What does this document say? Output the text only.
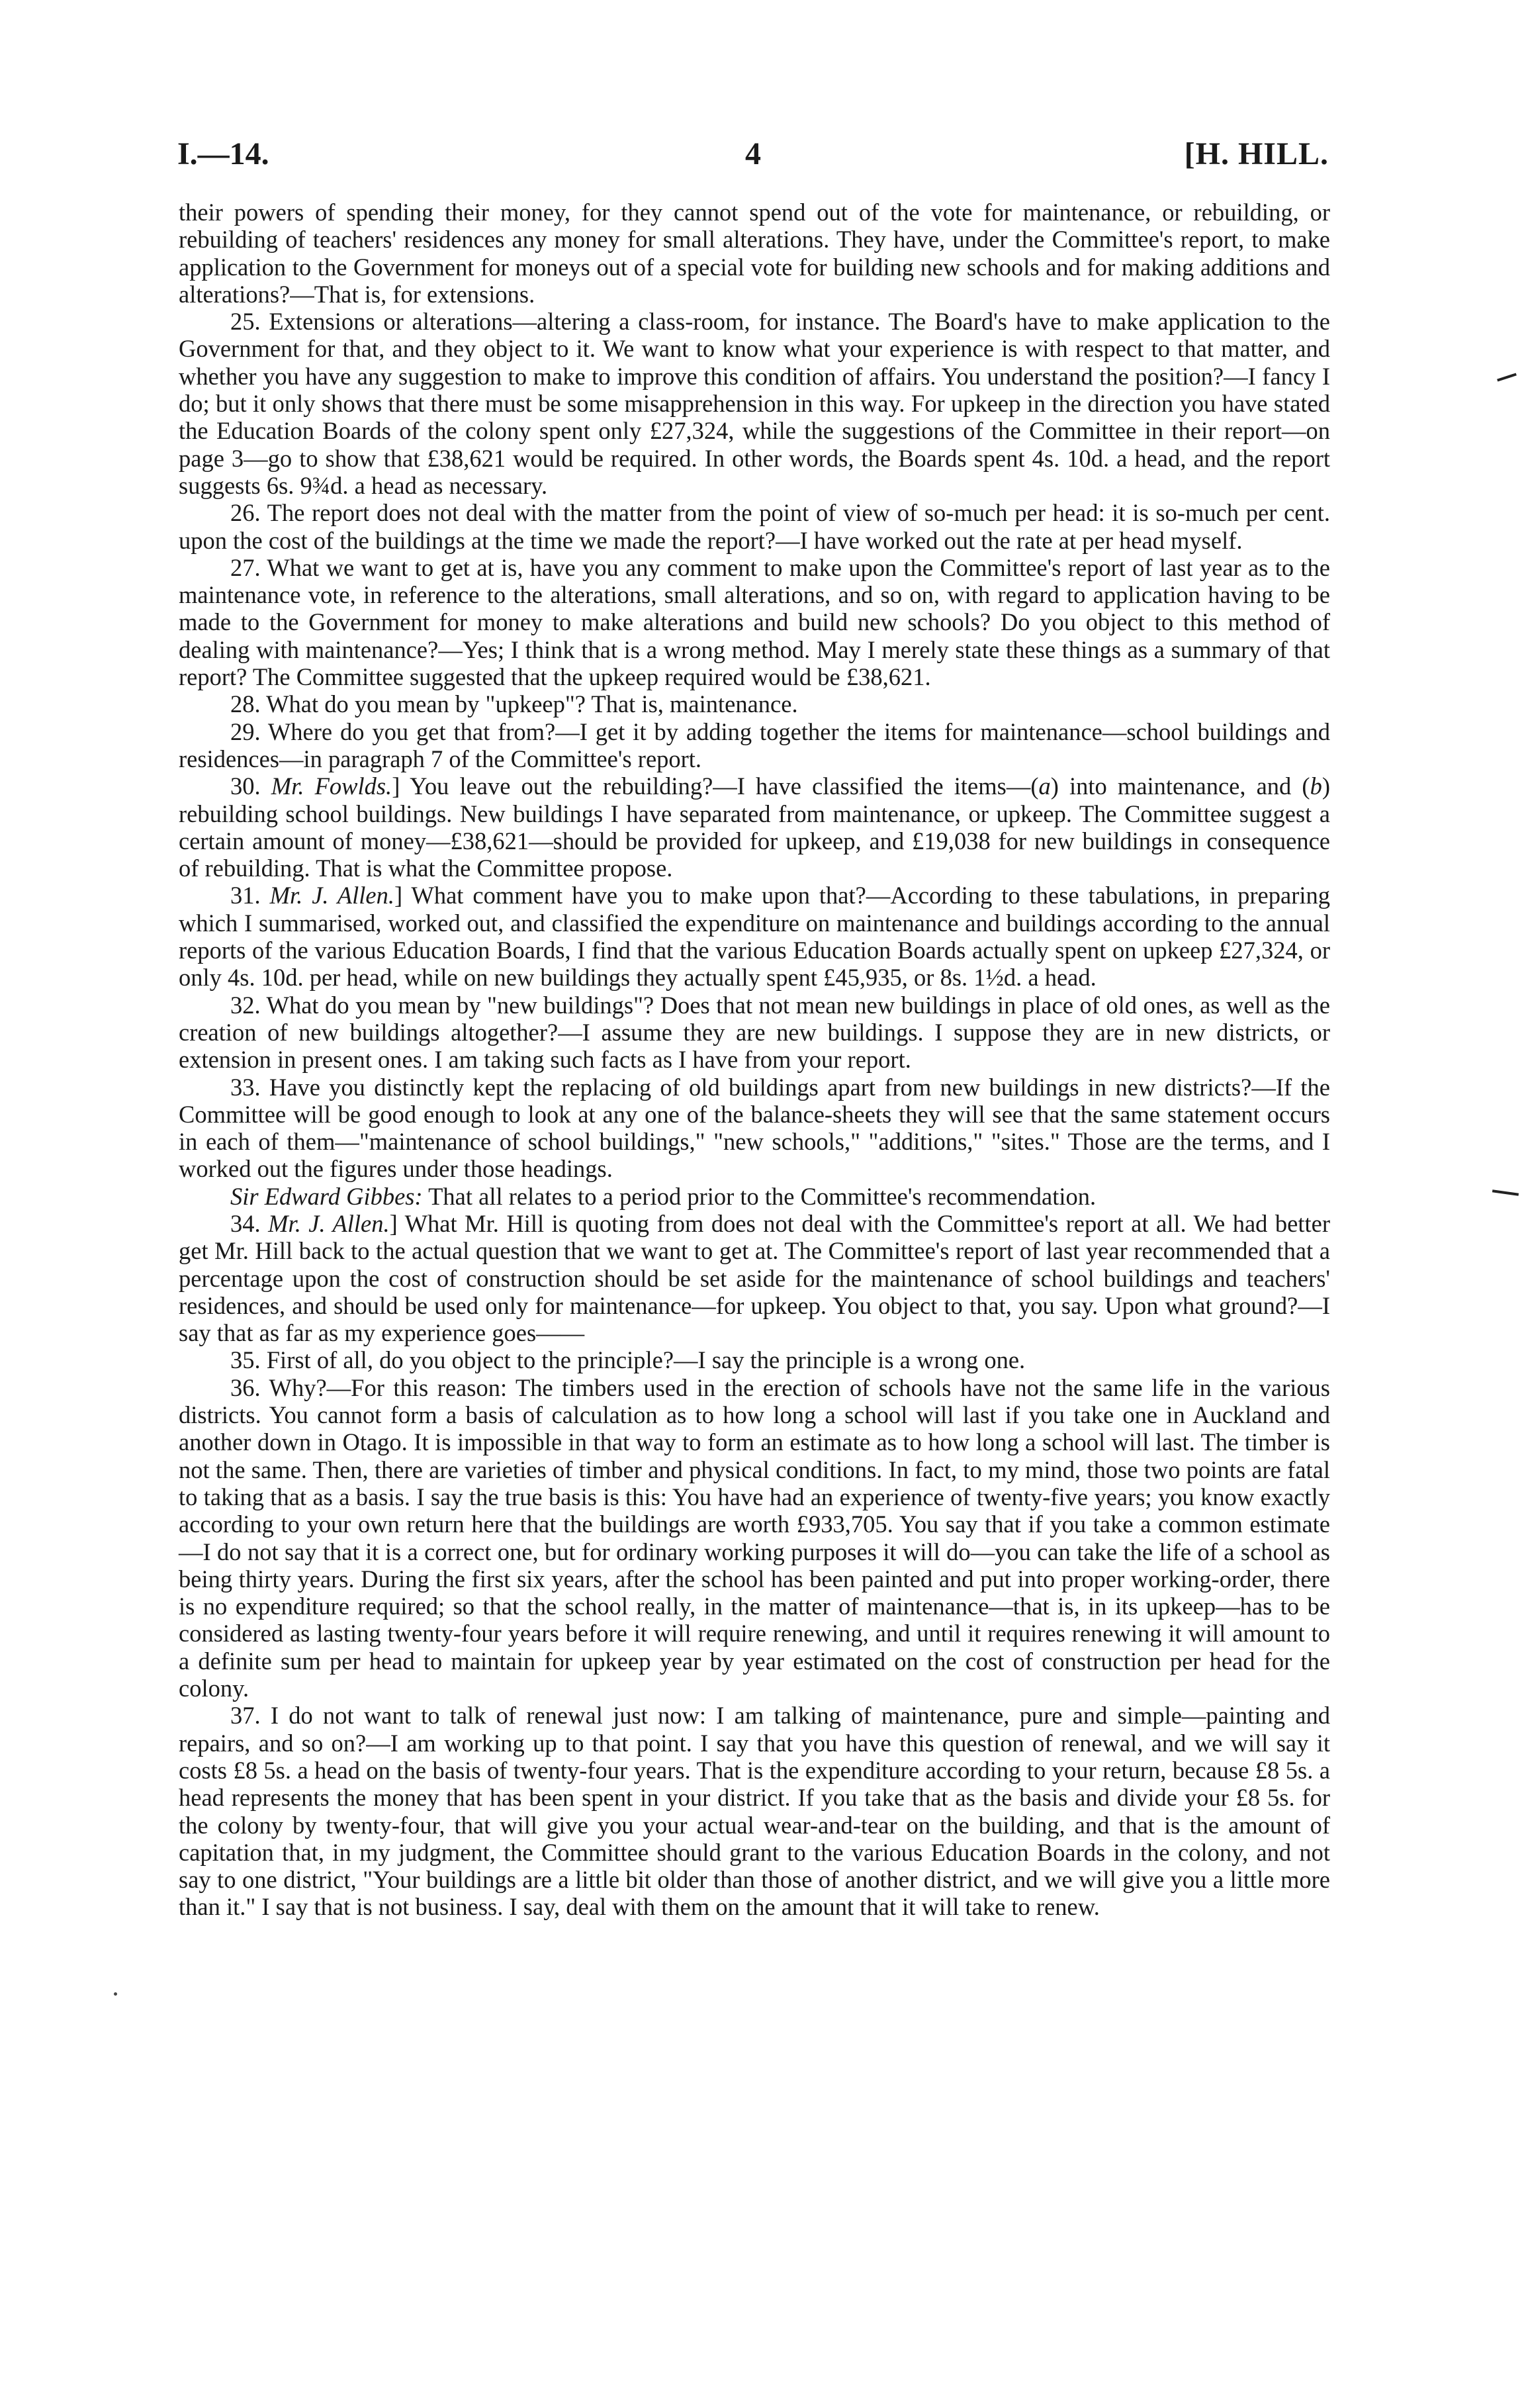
I.—14.	4	[H. HILL.

their powers of spending their money, for they cannot spend out of the vote for maintenance, or rebuilding, or rebuilding of teachers' residences any money for small alterations. They have, under the Committee's report, to make application to the Government for moneys out of a special vote for building new schools and for making additions and alterations?—That is, for extensions.

25. Extensions or alterations—altering a class-room, for instance. The Board's have to make application to the Government for that, and they object to it. We want to know what your experience is with respect to that matter, and whether you have any suggestion to make to improve this condition of affairs. You understand the position?—I fancy I do; but it only shows that there must be some misapprehension in this way. For upkeep in the direction you have stated the Education Boards of the colony spent only £27,324, while the suggestions of the Committee in their report—on page 3—go to show that £38,621 would be required. In other words, the Boards spent 4s. 10d. a head, and the report suggests 6s. 9¾d. a head as necessary.

26. The report does not deal with the matter from the point of view of so-much per head: it is so-much per cent. upon the cost of the buildings at the time we made the report?—I have worked out the rate at per head myself.

27. What we want to get at is, have you any comment to make upon the Committee's report of last year as to the maintenance vote, in reference to the alterations, small alterations, and so on, with regard to application having to be made to the Government for money to make alterations and build new schools? Do you object to this method of dealing with maintenance?—Yes; I think that is a wrong method. May I merely state these things as a summary of that report? The Committee suggested that the upkeep required would be £38,621.

28. What do you mean by "upkeep"? That is, maintenance.

29. Where do you get that from?—I get it by adding together the items for maintenance—school buildings and residences—in paragraph 7 of the Committee's report.

30. Mr. Fowlds.] You leave out the rebuilding?—I have classified the items—(a) into maintenance, and (b) rebuilding school buildings. New buildings I have separated from maintenance, or upkeep. The Committee suggest a certain amount of money—£38,621—should be provided for upkeep, and £19,038 for new buildings in consequence of rebuilding. That is what the Committee propose.

31. Mr. J. Allen.] What comment have you to make upon that?—According to these tabulations, in preparing which I summarised, worked out, and classified the expenditure on maintenance and buildings according to the annual reports of the various Education Boards, I find that the various Education Boards actually spent on upkeep £27,324, or only 4s. 10d. per head, while on new buildings they actually spent £45,935, or 8s. 1½d. a head.

32. What do you mean by "new buildings"? Does that not mean new buildings in place of old ones, as well as the creation of new buildings altogether?—I assume they are new buildings. I suppose they are in new districts, or extension in present ones. I am taking such facts as I have from your report.

33. Have you distinctly kept the replacing of old buildings apart from new buildings in new districts?—If the Committee will be good enough to look at any one of the balance-sheets they will see that the same statement occurs in each of them—"maintenance of school buildings," "new schools," "additions," "sites." Those are the terms, and I worked out the figures under those headings.

Sir Edward Gibbes: That all relates to a period prior to the Committee's recommendation.

34. Mr. J. Allen.] What Mr. Hill is quoting from does not deal with the Committee's report at all. We had better get Mr. Hill back to the actual question that we want to get at. The Committee's report of last year recommended that a percentage upon the cost of construction should be set aside for the maintenance of school buildings and teachers' residences, and should be used only for maintenance—for upkeep. You object to that, you say. Upon what ground?—I say that as far as my experience goes——

35. First of all, do you object to the principle?—I say the principle is a wrong one.

36. Why?—For this reason: The timbers used in the erection of schools have not the same life in the various districts. You cannot form a basis of calculation as to how long a school will last if you take one in Auckland and another down in Otago. It is impossible in that way to form an estimate as to how long a school will last. The timber is not the same. Then, there are varieties of timber and physical conditions. In fact, to my mind, those two points are fatal to taking that as a basis. I say the true basis is this: You have had an experience of twenty-five years; you know exactly according to your own return here that the buildings are worth £933,705. You say that if you take a common estimate—I do not say that it is a correct one, but for ordinary working purposes it will do—you can take the life of a school as being thirty years. During the first six years, after the school has been painted and put into proper working-order, there is no expenditure required; so that the school really, in the matter of maintenance—that is, in its upkeep—has to be considered as lasting twenty-four years before it will require renewing, and until it requires renewing it will amount to a definite sum per head to maintain for upkeep year by year estimated on the cost of construction per head for the colony.

37. I do not want to talk of renewal just now: I am talking of maintenance, pure and simple—painting and repairs, and so on?—I am working up to that point. I say that you have this question of renewal, and we will say it costs £8 5s. a head on the basis of twenty-four years. That is the expenditure according to your return, because £8 5s. a head represents the money that has been spent in your district. If you take that as the basis and divide your £8 5s. for the colony by twenty-four, that will give you your actual wear-and-tear on the building, and that is the amount of capitation that, in my judgment, the Committee should grant to the various Education Boards in the colony, and not say to one district, "Your buildings are a little bit older than those of another district, and we will give you a little more than it." I say that is not business. I say, deal with them on the amount that it will take to renew.
